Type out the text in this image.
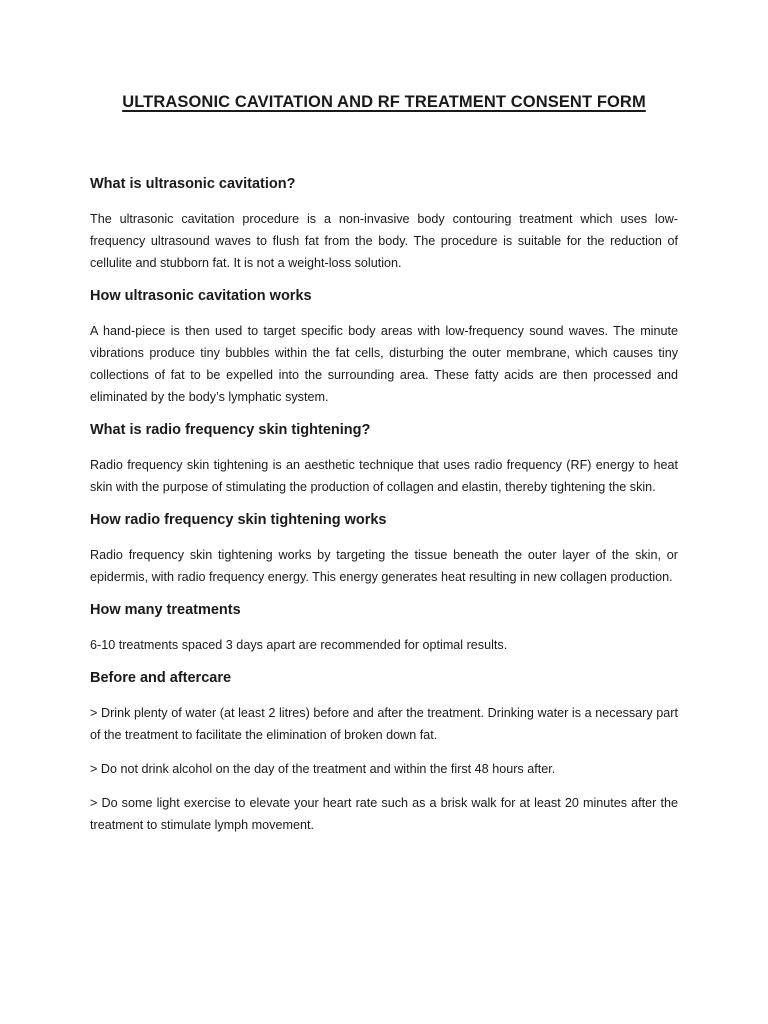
ULTRASONIC CAVITATION AND RF TREATMENT CONSENT FORM
What is ultrasonic cavitation?

The ultrasonic cavitation procedure is a non-invasive body contouring treatment which uses low-frequency ultrasound waves to flush fat from the body. The procedure is suitable for the reduction of cellulite and stubborn fat. It is not a weight-loss solution.

How ultrasonic cavitation works

A hand-piece is then used to target specific body areas with low-frequency sound waves. The minute vibrations produce tiny bubbles within the fat cells, disturbing the outer membrane, which causes tiny collections of fat to be expelled into the surrounding area. These fatty acids are then processed and eliminated by the body’s lymphatic system.

What is radio frequency skin tightening?

Radio frequency skin tightening is an aesthetic technique that uses radio frequency (RF) energy to heat skin with the purpose of stimulating the production of collagen and elastin, thereby tightening the skin.

How radio frequency skin tightening works

Radio frequency skin tightening works by targeting the tissue beneath the outer layer of the skin, or epidermis, with radio frequency energy. This energy generates heat resulting in new collagen production.

How many treatments

6-10 treatments spaced 3 days apart are recommended for optimal results.

Before and aftercare

> Drink plenty of water (at least 2 litres) before and after the treatment. Drinking water is a necessary part of the treatment to facilitate the elimination of broken down fat.

> Do not drink alcohol on the day of the treatment and within the first 48 hours after.

> Do some light exercise to elevate your heart rate such as a brisk walk for at least 20 minutes after the treatment to stimulate lymph movement.
